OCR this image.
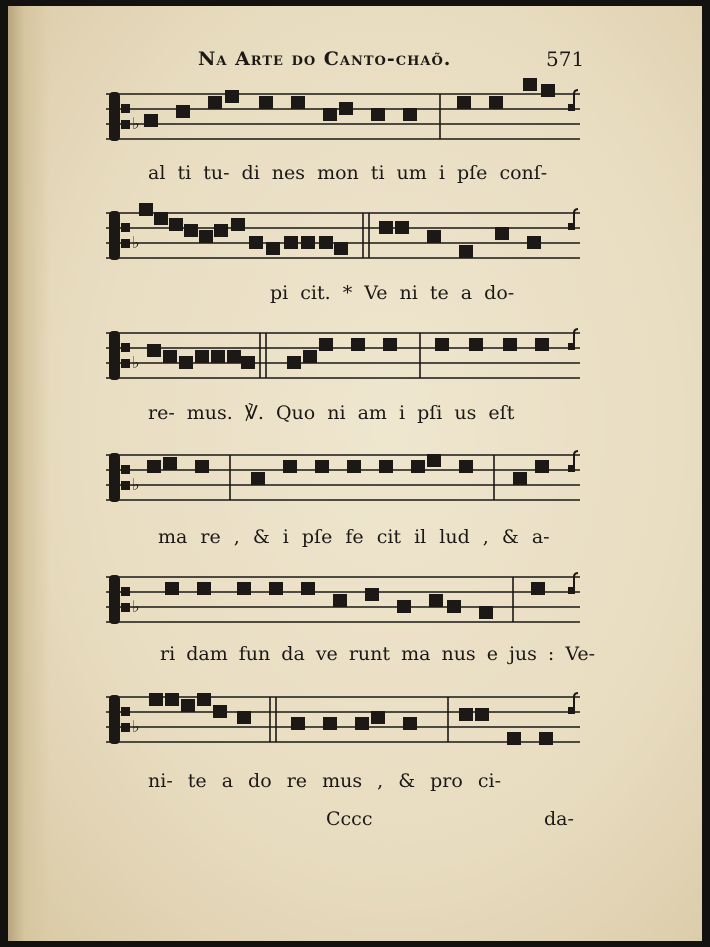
Na Arte do Canto-chaõ.	571
♭
♭
♭
♭
♭
♭
al ti tu- di nes mon ti um i pſe conſ-
pi cit. * Ve ni te a do-
re- mus. ℣. Quo ni am i pſi us eſt
ma re , & i pſe fe cit il lud , & a-
ri dam fun da ve runt ma nus e jus : Ve-
ni- te a do re mus , & pro ci-
Cccc	da-
